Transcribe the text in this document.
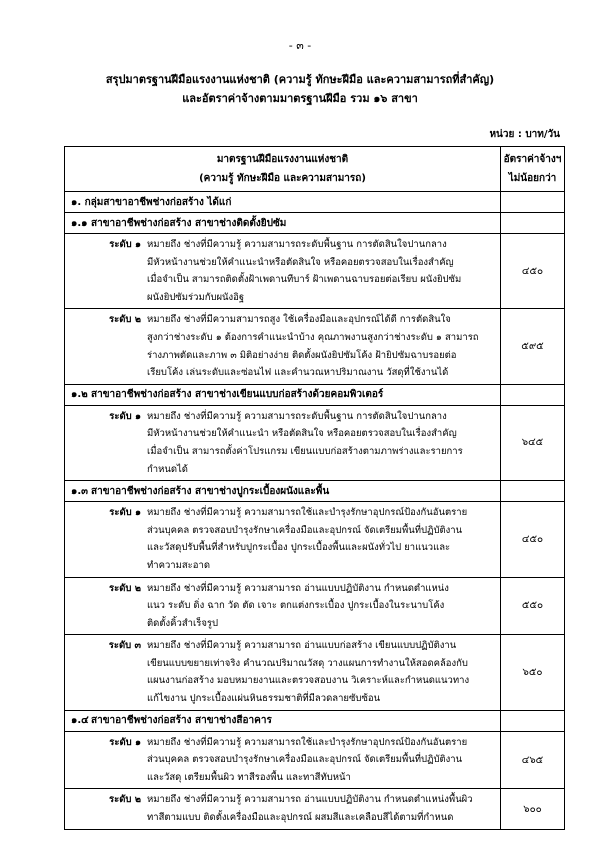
- ๓ -
สรุปมาตรฐานฝีมือแรงงานแห่งชาติ (ความรู้ ทักษะฝีมือ และความสามารถที่สำคัญ)
และอัตราค่าจ้างตามมาตรฐานฝีมือ รวม ๑๖ สาขา
หน่วย : บาท/วัน
มาตรฐานฝีมือแรงงานแห่งชาติ
(ความรู้ ทักษะฝีมือ และความสามารถ)	อัตราค่าจ้างฯ
ไม่น้อยกว่า

๑. กลุ่มสาขาอาชีพช่างก่อสร้าง ได้แก่	
๑.๑ สาขาอาชีพช่างก่อสร้าง สาขาช่างติดตั้งยิปซัม	

ระดับ ๑ หมายถึง ช่างที่มีความรู้ ความสามารถระดับพื้นฐาน การตัดสินใจปานกลาง
มีหัวหน้างานช่วยให้คำแนะนำหรือตัดสินใจ หรือคอยตรวจสอบในเรื่องสำคัญ
เมื่อจำเป็น สามารถติดตั้งฝ้าเพดานทีบาร์ ฝ้าเพดานฉาบรอยต่อเรียบ ผนังยิปซัม
ผนังยิปซัมร่วมกับผนังอิฐ	๔๕๐

ระดับ ๒ หมายถึง ช่างที่มีความสามารถสูง ใช้เครื่องมือและอุปกรณ์ได้ดี การตัดสินใจ
สูงกว่าช่างระดับ ๑ ต้องการคำแนะนำบ้าง คุณภาพงานสูงกว่าช่างระดับ ๑ สามารถ
ร่างภาพตัดและภาพ ๓ มิติอย่างง่าย ติดตั้งผนังยิปซัมโค้ง ฝ้ายิปซัมฉาบรอยต่อ
เรียบโค้ง เล่นระดับและซ่อนไฟ และคำนวณหาปริมาณงาน วัสดุที่ใช้งานได้	๕๙๕
๑.๒ สาขาอาชีพช่างก่อสร้าง สาขาช่างเขียนแบบก่อสร้างด้วยคอมพิวเตอร์	

ระดับ ๑ หมายถึง ช่างที่มีความรู้ ความสามารถระดับพื้นฐาน การตัดสินใจปานกลาง
มีหัวหน้างานช่วยให้คำแนะนำ หรือตัดสินใจ หรือคอยตรวจสอบในเรื่องสำคัญ
เมื่อจำเป็น สามารถตั้งค่าโปรแกรม เขียนแบบก่อสร้างตามภาพร่างและรายการ
กำหนดได้	๖๔๕
๑.๓ สาขาอาชีพช่างก่อสร้าง สาขาช่างปูกระเบื้องผนังและพื้น	

ระดับ ๑ หมายถึง ช่างที่มีความรู้ ความสามารถใช้และบำรุงรักษาอุปกรณ์ป้องกันอันตราย
ส่วนบุคคล ตรวจสอบบำรุงรักษาเครื่องมือและอุปกรณ์ จัดเตรียมพื้นที่ปฏิบัติงาน
และวัสดุปรับพื้นที่สำหรับปูกระเบื้อง ปูกระเบื้องพื้นและผนังทั่วไป ยาแนวและ
ทำความสะอาด	๔๕๐

ระดับ ๒ หมายถึง ช่างที่มีความรู้ ความสามารถ อ่านแบบปฏิบัติงาน กำหนดตำแหน่ง
แนว ระดับ ดิ่ง ฉาก วัด ตัด เจาะ ตกแต่งกระเบื้อง ปูกระเบื้องในระนาบโค้ง
ติดตั้งคิ้วสำเร็จรูป	๕๕๐

ระดับ ๓ หมายถึง ช่างที่มีความรู้ ความสามารถ อ่านแบบก่อสร้าง เขียนแบบปฏิบัติงาน
เขียนแบบขยายเท่าจริง คำนวณปริมาณวัสดุ วางแผนการทำงานให้สอดคล้องกับ
แผนงานก่อสร้าง มอบหมายงานและตรวจสอบงาน วิเคราะห์และกำหนดแนวทาง
แก้ไขงาน ปูกระเบื้องแผ่นหินธรรมชาติที่มีลวดลายซับซ้อน	๖๕๐
๑.๔ สาขาอาชีพช่างก่อสร้าง สาขาช่างสีอาคาร	

ระดับ ๑ หมายถึง ช่างที่มีความรู้ ความสามารถใช้และบำรุงรักษาอุปกรณ์ป้องกันอันตราย
ส่วนบุคคล ตรวจสอบบำรุงรักษาเครื่องมือและอุปกรณ์ จัดเตรียมพื้นที่ปฏิบัติงาน
และวัสดุ เตรียมพื้นผิว ทาสีรองพื้น และทาสีทับหน้า	๔๖๕

ระดับ ๒ หมายถึง ช่างที่มีความรู้ ความสามารถ อ่านแบบปฏิบัติงาน กำหนดตำแหน่งพื้นผิว
ทาสีตามแบบ ติดตั้งเครื่องมือและอุปกรณ์ ผสมสีและเคลือบสีได้ตามที่กำหนด	๖๐๐
